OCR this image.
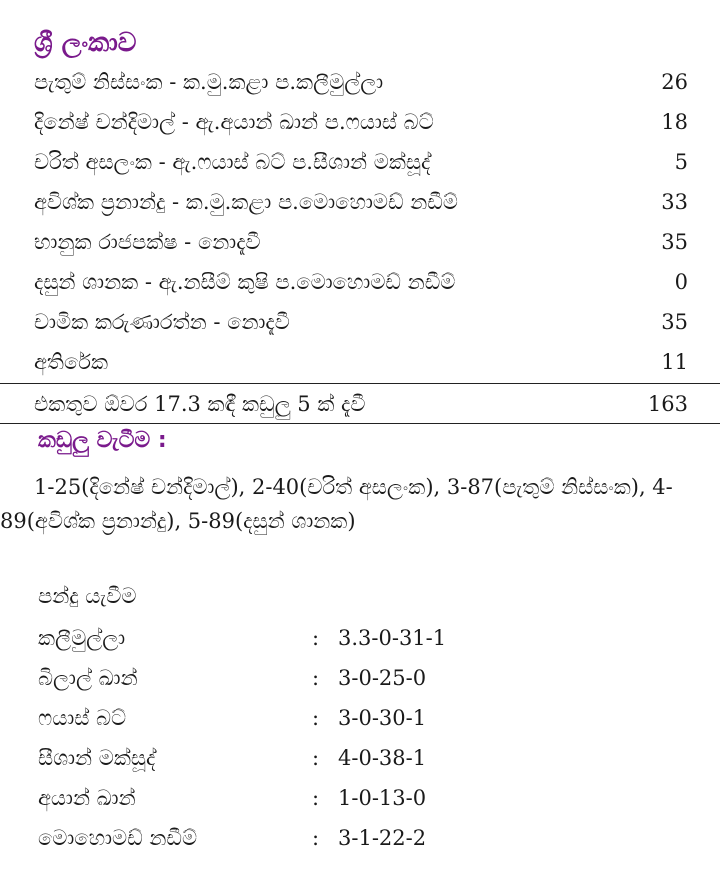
ශ්‍රී ලංකාව
පැතුම් නිස්සංක - ක.මු.කළා ප.කලීමුල්ලා	26
දිනේෂ් චන්දිමාල් - ඇ.අයාන් ඛාන් ප.ෆයාස් බට්	18
චරිත් අසලංක - ඇ.ෆයාස් බට් ප.සීශාන් මක්සූද්	5
අවිශ්ක ප්‍රනාන්දු - ක.මු.කළා ප.මොහොමඩ් නඩීම්	33
භානුක රාජපක්ෂ - නොදැවී	35
දසුන් ශානක - ඇ.නසීම් කුෂි ප.මොහොමඩ් නඩීම්	0
චාමික කරුණාරත්න - නොදැවී	35
අතිරේක	11
එකතුව ඕවර 17.3 කඳී කඩුලු 5 ක් දැවී	163
කඩුලු වැටීම :

1-25(දිනේෂ් චන්දිමාල්), 2-40(චරිත් අසලංක), 3-87(පැතුම් නිස්සංක), 4-89(අවිශ්ක ප්‍රනාන්දු), 5-89(දසුන් ශානක)

පන්දු යැවීම

කලීමුල්ලා	: 3.3-0-31-1
බිලාල් ඛාන්	: 3-0-25-0
ෆයාස් බට්	: 3-0-30-1
සීශාන් මක්සූද්	: 4-0-38-1
අයාන් ඛාන්	: 1-0-13-0
මොහොමඩ් නඩීම්	: 3-1-22-2
